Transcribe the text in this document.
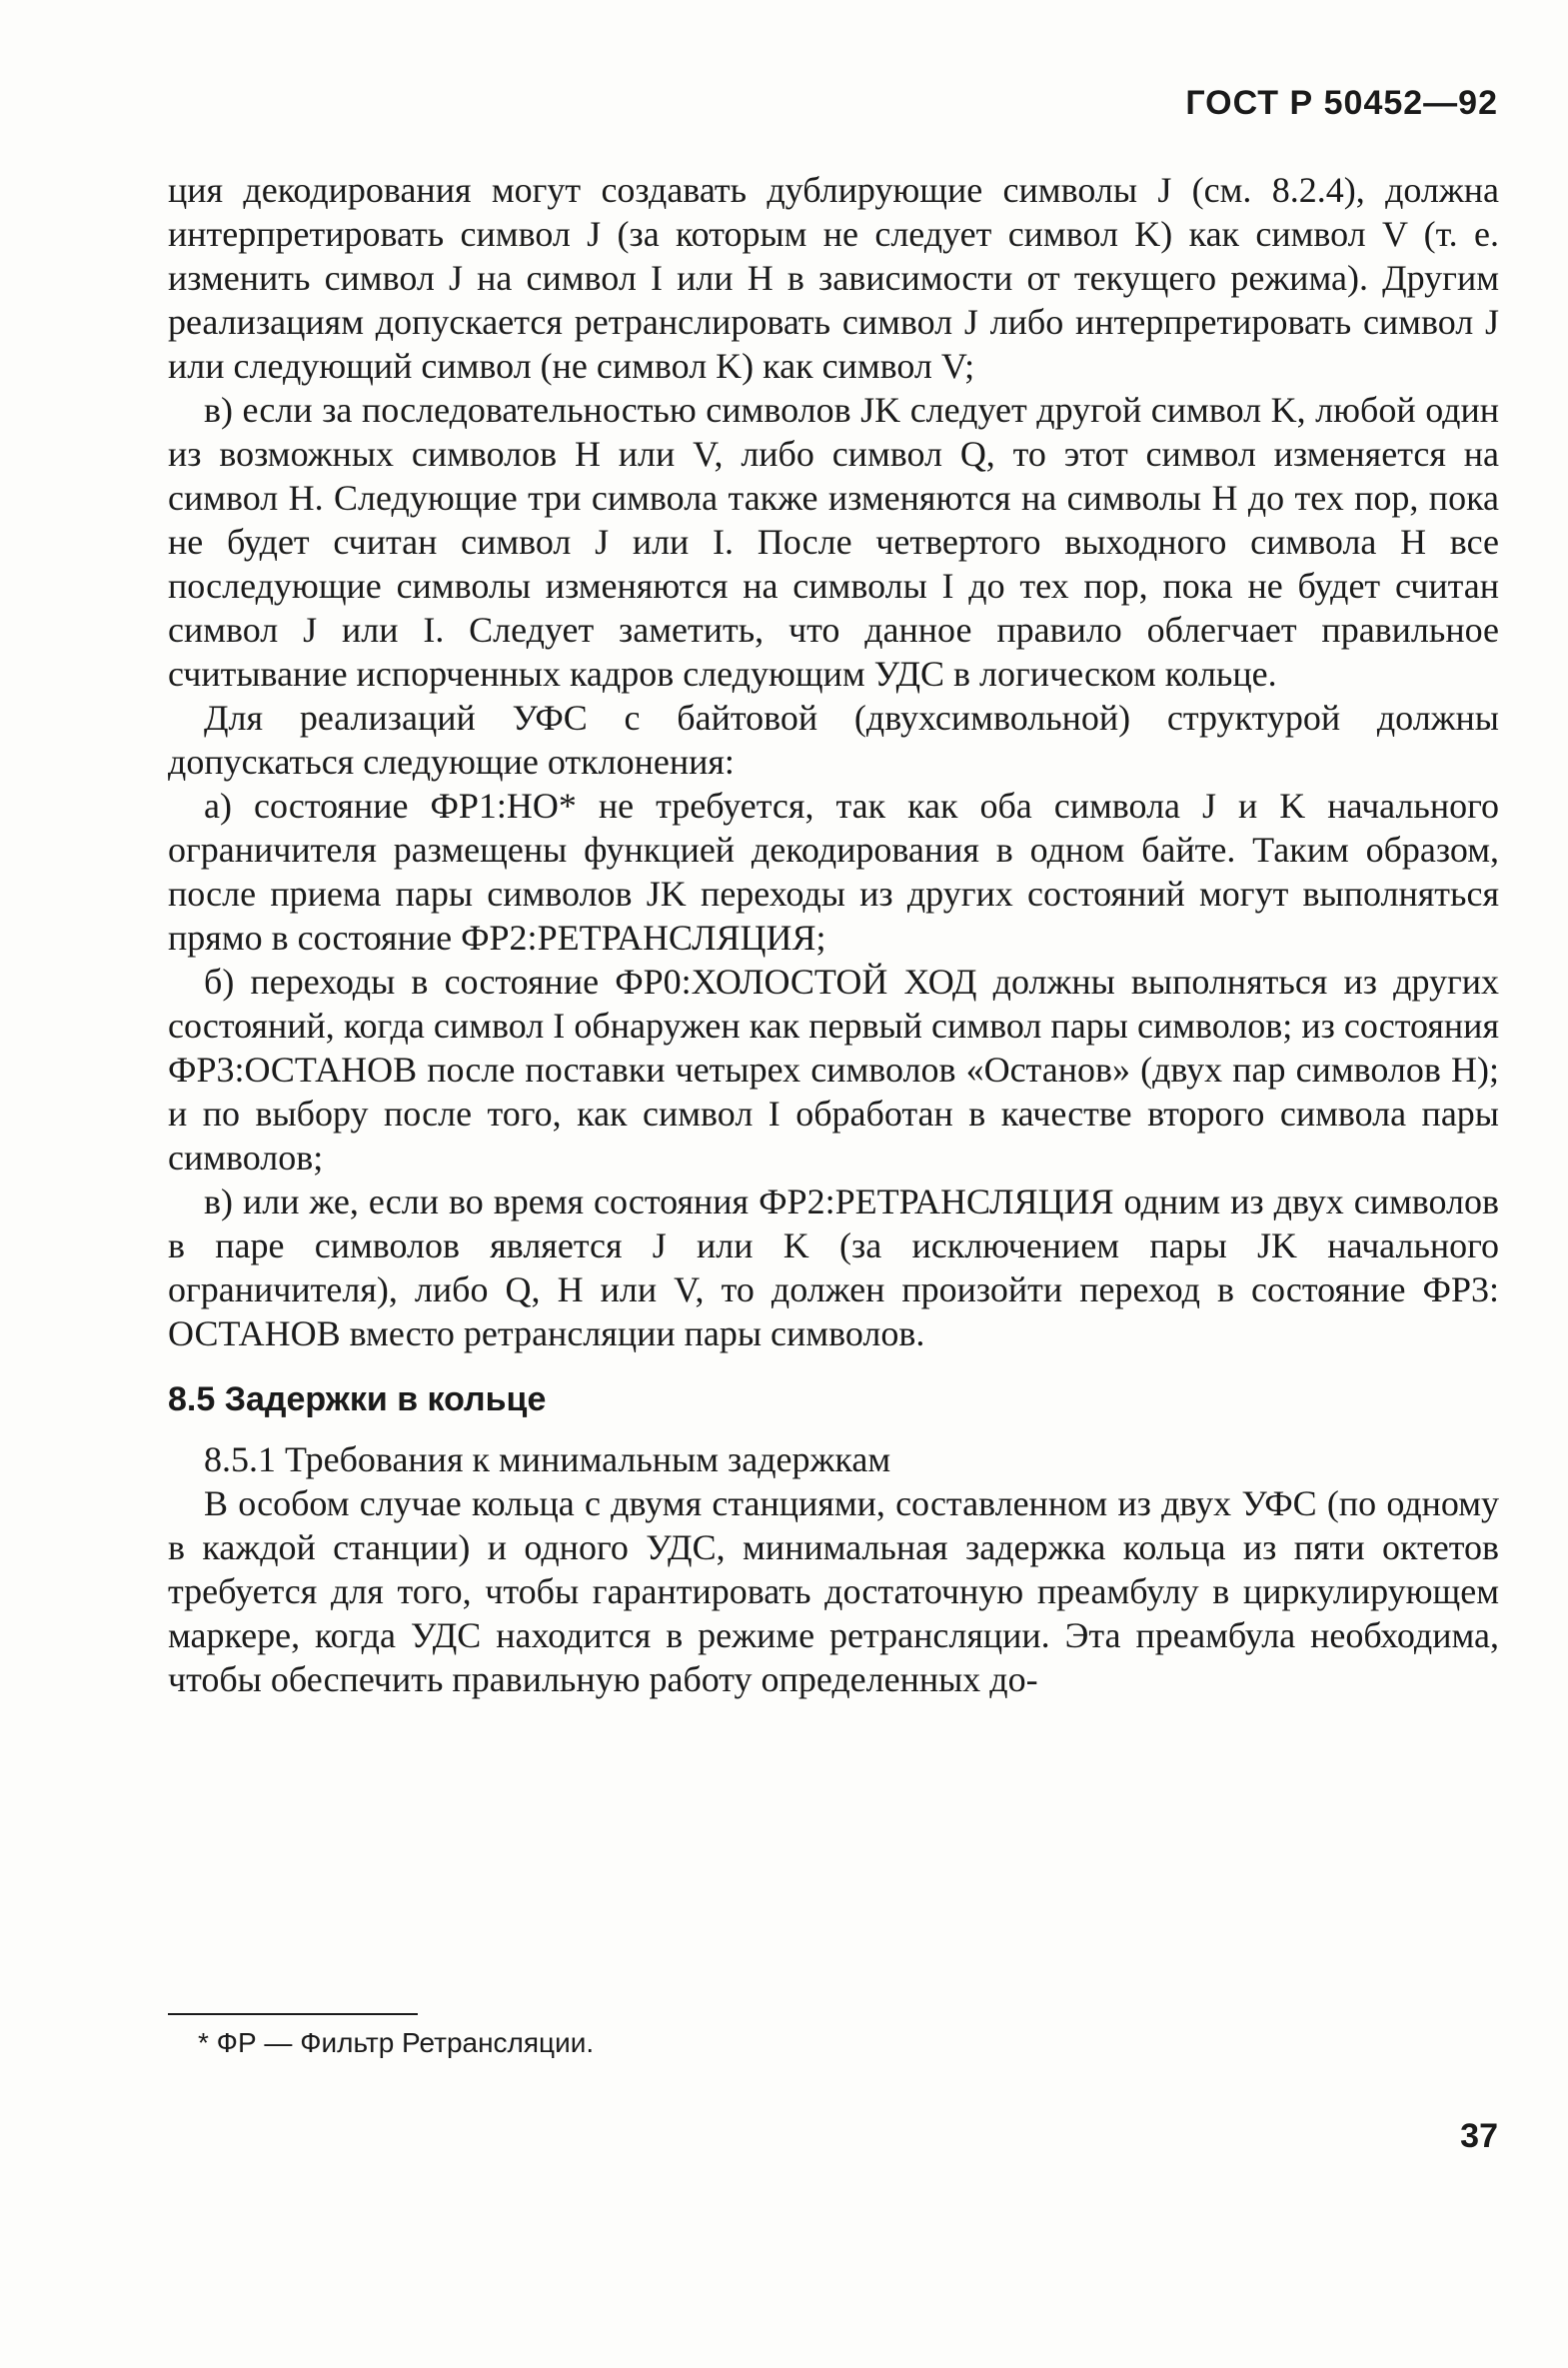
ГОСТ Р 50452—92

ция декодирования могут создавать дублирующие символы J (см. 8.2.4), должна интерпретировать символ J (за которым не следует символ K) как символ V (т. е. изменить символ J на символ I или H в зависимости от текущего режима). Другим реализациям допускается ретранслировать символ J либо интерпретировать символ J или следующий символ (не символ K) как символ V;

в) если за последовательностью символов JK следует другой символ K, любой один из возможных символов H или V, либо символ Q, то этот символ изменяется на символ H. Следующие три символа также изменяются на символы H до тех пор, пока не будет считан символ J или I. После четвертого выходного символа H все последующие символы изменяются на символы I до тех пор, пока не будет считан символ J или I. Следует заметить, что данное правило облегчает правильное считывание испорченных кадров следующим УДС в логическом кольце.

Для реализаций УФС с байтовой (двухсимвольной) структурой должны допускаться следующие отклонения:

а) состояние ФР1:НО* не требуется, так как оба символа J и K начального ограничителя размещены функцией декодирования в одном байте. Таким образом, после приема пары символов JK переходы из других состояний могут выполняться прямо в состояние ФР2:РЕТРАНСЛЯЦИЯ;

б) переходы в состояние ФР0:ХОЛОСТОЙ ХОД должны выполняться из других состояний, когда символ I обнаружен как первый символ пары символов; из состояния ФР3:ОСТАНОВ после поставки четырех символов «Останов» (двух пар символов H); и по выбору после того, как символ I обработан в качестве второго символа пары символов;

в) или же, если во время состояния ФР2:РЕТРАНСЛЯЦИЯ одним из двух символов в паре символов является J или K (за исключением пары JK начального ограничителя), либо Q, H или V, то должен произойти переход в состояние ФР3: ОСТАНОВ вместо ретрансляции пары символов.

8.5 Задержки в кольце

8.5.1 Требования к минимальным задержкам

В особом случае кольца с двумя станциями, составленном из двух УФС (по одному в каждой станции) и одного УДС, минимальная задержка кольца из пяти октетов требуется для того, чтобы гарантировать достаточную преамбулу в циркулирующем маркере, когда УДС находится в режиме ретрансляции. Эта преамбула необходима, чтобы обеспечить правильную работу определенных до-

* ФР — Фильтр Ретрансляции.
37
